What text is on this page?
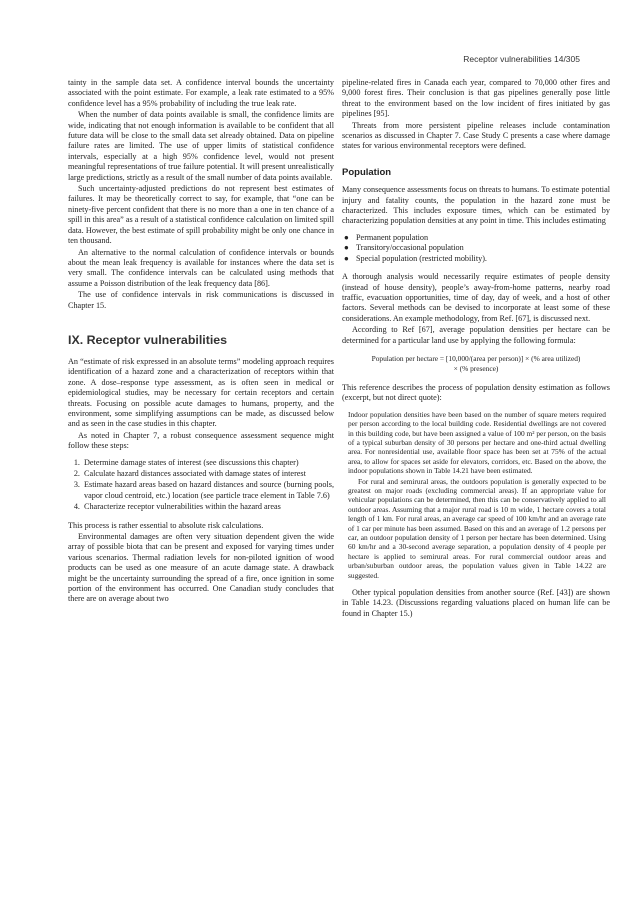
Receptor vulnerabilities 14/305

tainty in the sample data set. A confidence interval bounds the uncertainty associated with the point estimate. For example, a leak rate estimated to a 95% confidence level has a 95% probability of including the true leak rate.

When the number of data points available is small, the confidence limits are wide, indicating that not enough information is available to be confident that all future data will be close to the small data set already obtained. Data on pipeline failure rates are limited. The use of upper limits of statistical confidence intervals, especially at a high 95% confidence level, would not present meaningful representations of true failure potential. It will present unrealistically large predictions, strictly as a result of the small number of data points available.

Such uncertainty-adjusted predictions do not represent best estimates of failures. It may be theoretically correct to say, for example, that “one can be ninety-five percent confident that there is no more than a one in ten chance of a spill in this area” as a result of a statistical confidence calculation on limited spill data. However, the best estimate of spill probability might be only one chance in ten thousand.

An alternative to the normal calculation of confidence intervals or bounds about the mean leak frequency is available for instances where the data set is very small. The confidence intervals can be calculated using methods that assume a Poisson distribution of the leak frequency data [86].

The use of confidence intervals in risk communications is discussed in Chapter 15.

IX. Receptor vulnerabilities

An “estimate of risk expressed in an absolute terms” modeling approach requires identification of a hazard zone and a characterization of receptors within that zone. A dose–response type assessment, as is often seen in medical or epidemiological studies, may be necessary for certain receptors and certain threats. Focusing on possible acute damages to humans, property, and the environment, some simplifying assumptions can be made, as discussed below and as seen in the case studies in this chapter.

As noted in Chapter 7, a robust consequence assessment sequence might follow these steps:

1. Determine damage states of interest (see discussions this chapter)
2. Calculate hazard distances associated with damage states of interest
3. Estimate hazard areas based on hazard distances and source (burning pools, vapor cloud centroid, etc.) location (see particle trace element in Table 7.6)
4. Characterize receptor vulnerabilities within the hazard areas

This process is rather essential to absolute risk calculations.

Environmental damages are often very situation dependent given the wide array of possible biota that can be present and exposed for varying times under various scenarios. Thermal radiation levels for non-piloted ignition of wood products can be used as one measure of an acute damage state. A drawback might be the uncertainty surrounding the spread of a fire, once ignition in some portion of the environment has occurred. One Canadian study concludes that there are on average about two

pipeline-related fires in Canada each year, compared to 70,000 other fires and 9,000 forest fires. Their conclusion is that gas pipelines generally pose little threat to the environment based on the low incident of fires initiated by gas pipelines [95].

Threats from more persistent pipeline releases include contamination scenarios as discussed in Chapter 7. Case Study C presents a case where damage states for various environmental receptors were defined.

Population

Many consequence assessments focus on threats to humans. To estimate potential injury and fatality counts, the population in the hazard zone must be characterized. This includes exposure times, which can be estimated by characterizing population densities at any point in time. This includes estimating

● Permanent population
● Transitory/occasional population
● Special population (restricted mobility).

A thorough analysis would necessarily require estimates of people density (instead of house density), people’s away-from-home patterns, nearby road traffic, evacuation opportunities, time of day, day of week, and a host of other factors. Several methods can be devised to incorporate at least some of these considerations. An example methodology, from Ref. [67], is discussed next.

According to Ref [67], average population densities per hectare can be determined for a particular land use by applying the following formula:

Population per hectare = [10,000/(area per person)] × (% area utilized)
× (% presence)

This reference describes the process of population density estimation as follows (excerpt, but not direct quote):

Indoor population densities have been based on the number of square meters required per person according to the local building code. Residential dwellings are not covered in this building code, but have been assigned a value of 100 m² per person, on the basis of a typical suburban density of 30 persons per hectare and one-third actual dwelling area. For nonresidential use, available floor space has been set at 75% of the actual area, to allow for spaces set aside for elevators, corridors, etc. Based on the above, the indoor populations shown in Table 14.21 have been estimated.

For rural and semirural areas, the outdoors population is generally expected to be greatest on major roads (excluding commercial areas). If an appropriate value for vehicular populations can be determined, then this can be conservatively applied to all outdoor areas. Assuming that a major rural road is 10 m wide, 1 hectare covers a total length of 1 km. For rural areas, an average car speed of 100 km/hr and an average rate of 1 car per minute has been assumed. Based on this and an average of 1.2 persons per car, an outdoor population density of 1 person per hectare has been determined. Using 60 km/hr and a 30-second average separation, a population density of 4 people per hectare is applied to semirural areas. For rural commercial outdoor areas and urban/suburban outdoor areas, the population values given in Table 14.22 are suggested.

Other typical population densities from another source (Ref. [43]) are shown in Table 14.23. (Discussions regarding valuations placed on human life can be found in Chapter 15.)
